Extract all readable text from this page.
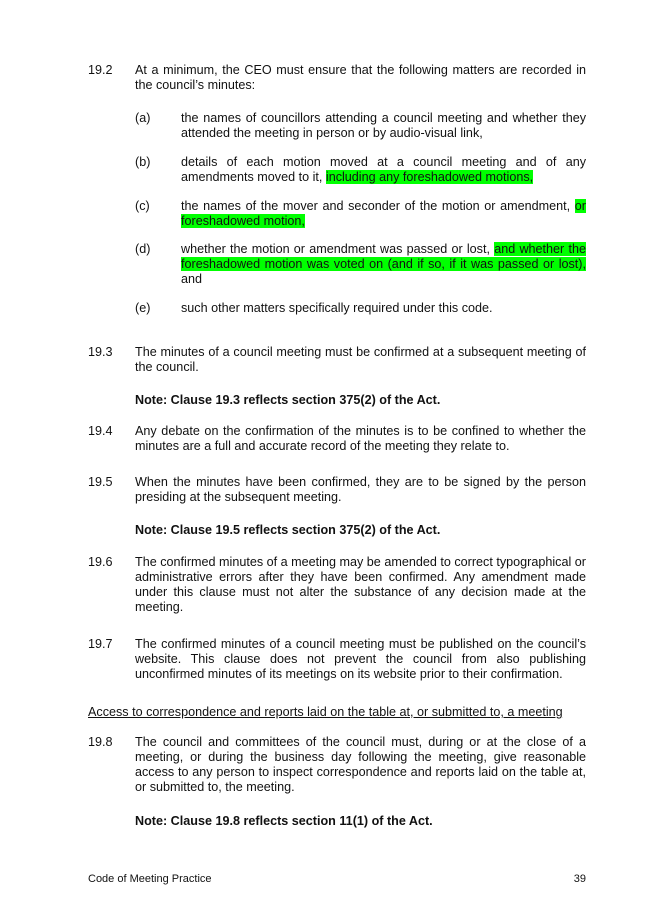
19.2 At a minimum, the CEO must ensure that the following matters are recorded in the council’s minutes:
(a) the names of councillors attending a council meeting and whether they attended the meeting in person or by audio-visual link,
(b) details of each motion moved at a council meeting and of any amendments moved to it, including any foreshadowed motions,
(c) the names of the mover and seconder of the motion or amendment, or foreshadowed motion,
(d) whether the motion or amendment was passed or lost, and whether the foreshadowed motion was voted on (and if so, if it was passed or lost), and
(e) such other matters specifically required under this code.
19.3 The minutes of a council meeting must be confirmed at a subsequent meeting of the council.
Note: Clause 19.3 reflects section 375(2) of the Act.
19.4 Any debate on the confirmation of the minutes is to be confined to whether the minutes are a full and accurate record of the meeting they relate to.
19.5 When the minutes have been confirmed, they are to be signed by the person presiding at the subsequent meeting.
Note: Clause 19.5 reflects section 375(2) of the Act.
19.6 The confirmed minutes of a meeting may be amended to correct typographical or administrative errors after they have been confirmed. Any amendment made under this clause must not alter the substance of any decision made at the meeting.
19.7 The confirmed minutes of a council meeting must be published on the council’s website. This clause does not prevent the council from also publishing unconfirmed minutes of its meetings on its website prior to their confirmation.
Access to correspondence and reports laid on the table at, or submitted to, a meeting
19.8 The council and committees of the council must, during or at the close of a meeting, or during the business day following the meeting, give reasonable access to any person to inspect correspondence and reports laid on the table at, or submitted to, the meeting.
Note: Clause 19.8 reflects section 11(1) of the Act.
Code of Meeting Practice	39
